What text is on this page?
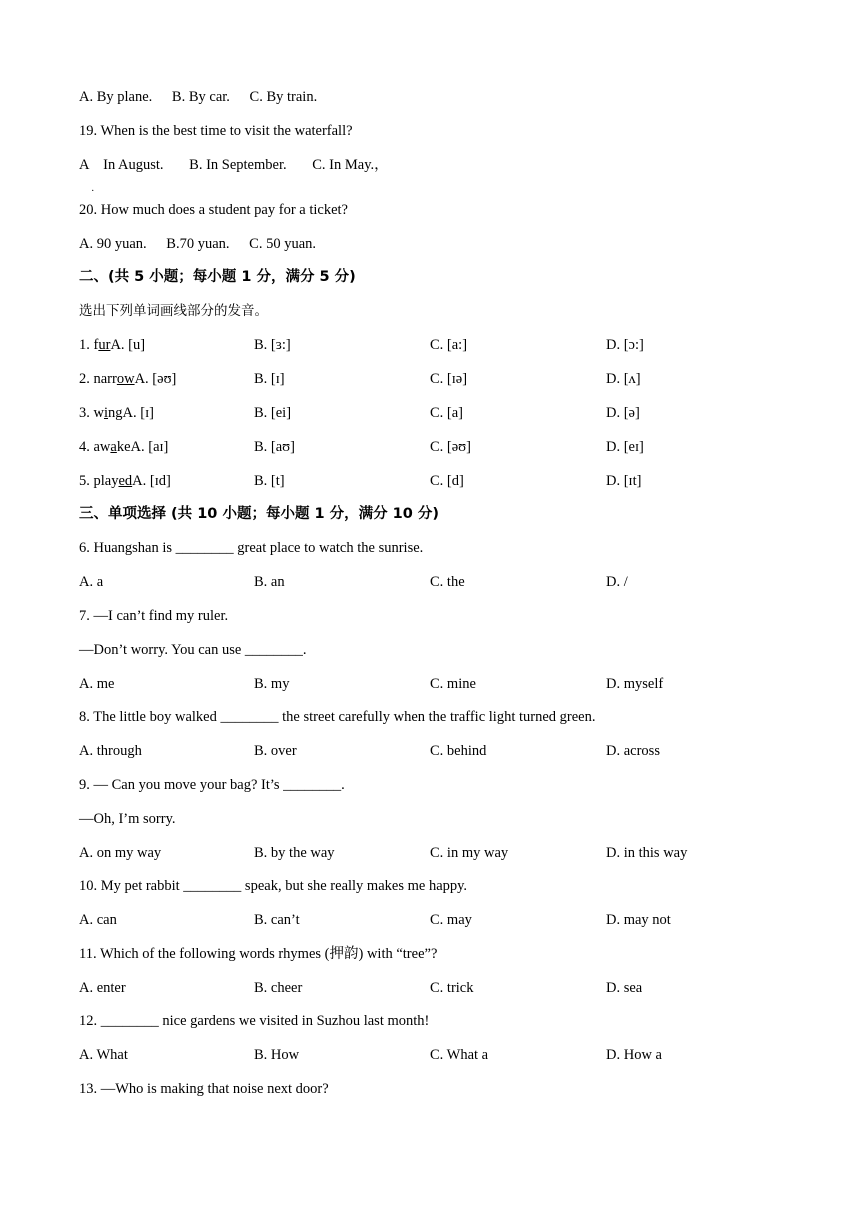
A. By plane. B. By car. C. By train.
19. When is the best time to visit the waterfall?
A
.
In August. B. In September. C. In May.，
20. How much does a student pay for a ticket?
A. 90 yuan. B.70 yuan. C. 50 yuan.
二、(共 5 小题；每小题 1 分，满分 5 分)
选出下列单词画线部分的发音。
1. furA. [u]	B. [ɜ:]	C. [a:]	D. [ɔ:]
2. narrowA. [əʊ]	B. [ɪ]	C. [ɪə]	D. [ʌ]
3. wingA. [ɪ]	B. [ei]	C. [a]	D. [ə]
4. awakeA. [aɪ]	B. [aʊ]	C. [əʊ]	D. [eɪ]
5. playedA. [ɪd]	B. [t]	C. [d]	D. [ɪt]
三、单项选择 (共 10 小题；每小题 1 分，满分 10 分)
6. Huangshan is ________ great place to watch the sunrise.
A. a	B. an	C. the	D. /
7. —I can’t find my ruler.
—Don’t worry. You can use ________.
A. me	B. my	C. mine	D. myself
8. The little boy walked ________ the street carefully when the traffic light turned green.
A. through	B. over	C. behind	D. across
9. — Can you move your bag? It’s ________.
—Oh, I’m sorry.
A. on my way	B. by the way	C. in my way	D. in this way
10. My pet rabbit ________ speak, but she really makes me happy.
A. can	B. can’t	C. may	D. may not
11. Which of the following words rhymes (押韵) with “tree”?
A. enter	B. cheer	C. trick	D. sea
12. ________ nice gardens we visited in Suzhou last month!
A. What	B. How	C. What a	D. How a
13. —Who is making that noise next door?
